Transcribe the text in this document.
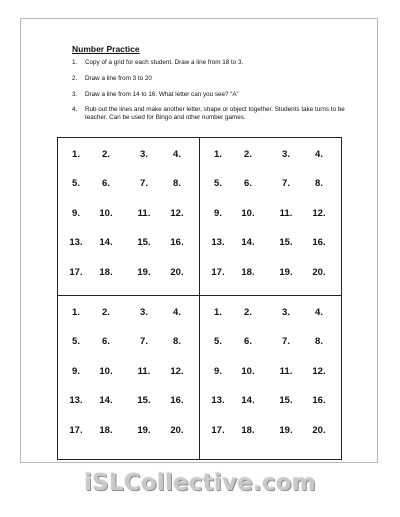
Number Practice
1. Copy of a grid for each student. Draw a line from 18 to 3.
2. Draw a line from 3 to 20
3. Draw a line from 14 to 16. What letter can you see? “A”
4. Rub out the lines and make another letter, shape or object together. Students take turns to be teacher. Can be used for Bingo and other number games.
1.	2.	3.	4.
5.	6.	7.	8.
9.	10.	11.	12.
13.	14.	15.	16.
17.	18.	19.	20.
1.	2.	3.	4.
5.	6.	7.	8.
9.	10.	11.	12.
13.	14.	15.	16.
17.	18.	19.	20.
1.	2.	3.	4.
5.	6.	7.	8.
9.	10.	11.	12.
13.	14.	15.	16.
17.	18.	19.	20.
1.	2.	3.	4.
5.	6.	7.	8.
9.	10.	11.	12.
13.	14.	15.	16.
17.	18.	19.	20.
iSLCollective.com
